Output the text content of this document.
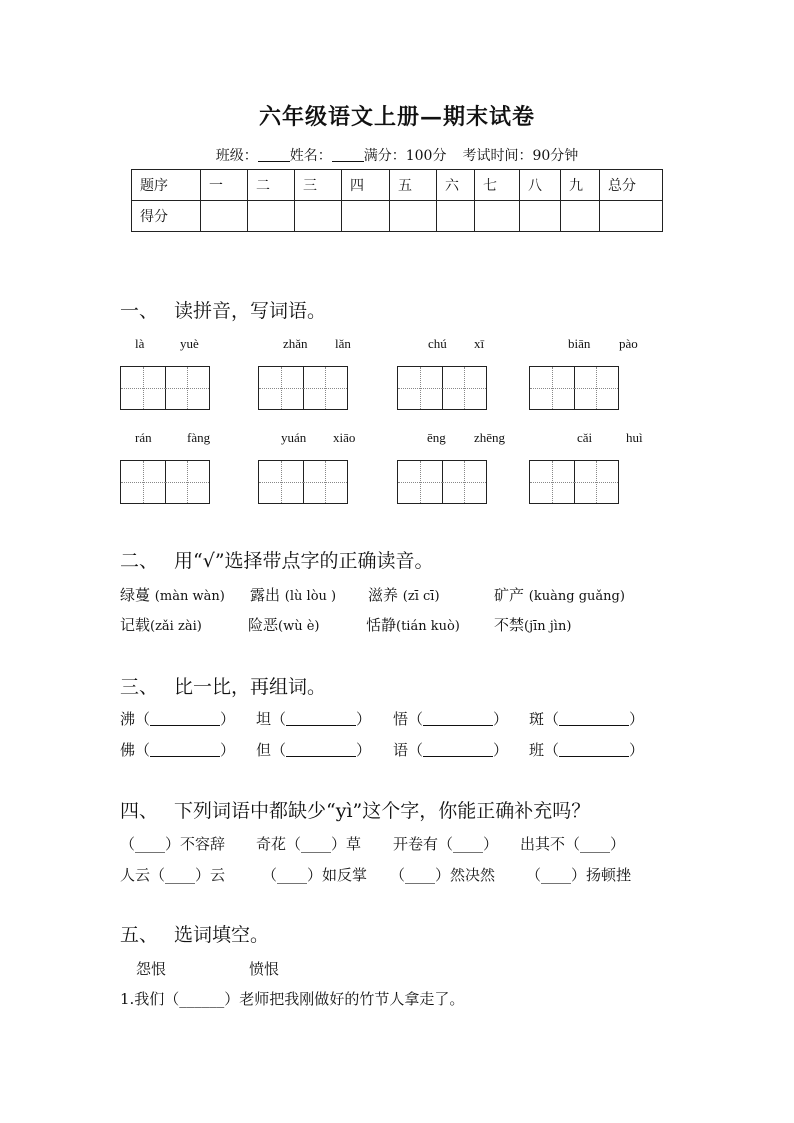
六年级语文上册—期末试卷
班级： 姓名： 满分：100分 考试时间：90分钟
题序	一	二	三	四	五	六	七	八	九	总分
得分										
一、 读拼音，写词语。
là	yuè	zhǎn lǎn	chú xī	biān pào
rán	fàng	yuán xiāo	ēng zhēng	cǎi	huì
二、 用“√”选择带点字的正确读音。
绿蔓 (màn wàn) 露出 (lù lòu ) 滋养 (zī cī)	矿产 (kuàng guǎng)
记载(zǎi zài)	险恶(wù è)	恬静(tián kuò) 不禁(jīn jìn)
三、 比一比，再组词。
沸（	） 坦（	） 悟（	） 斑（	）
佛（	） 但（	） 语（	） 班（	）
四、 下列词语中都缺少“yì”这个字，你能正确补充吗？
（____）不容辞 奇花（____）草 开卷有（____） 出其不（____）
人云（____）云 （____）如反掌 （____）然决然 （____）扬顿挫
五、 选词填空。
怨恨	愤恨
1.我们（______）老师把我刚做好的竹节人拿走了。
